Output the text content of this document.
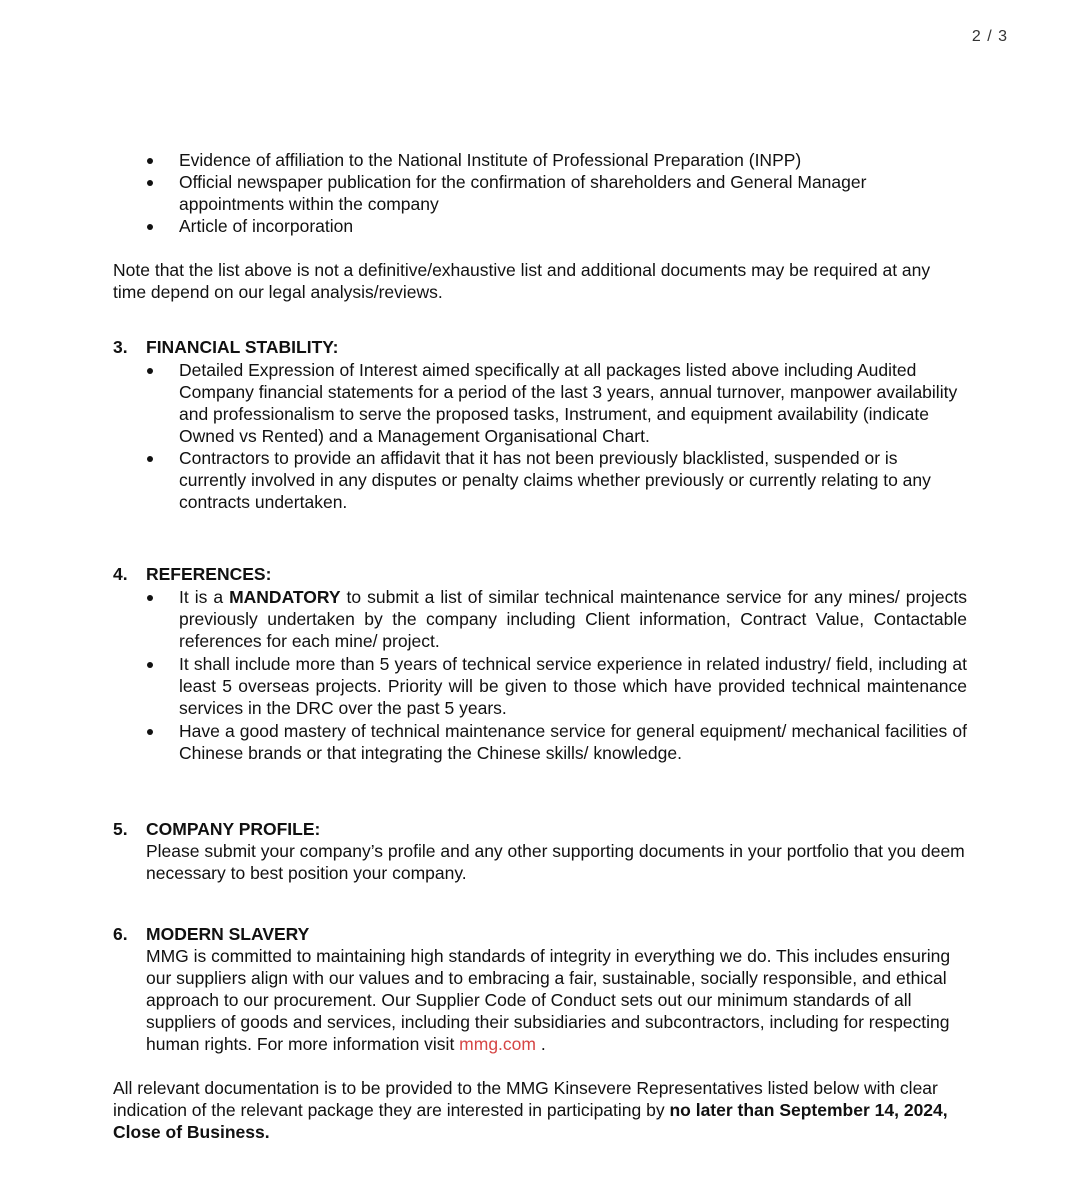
2 / 3
Evidence of affiliation to the National Institute of Professional Preparation (INPP)
Official newspaper publication for the confirmation of shareholders and General Manager appointments within the company
Article of incorporation

Note that the list above is not a definitive/exhaustive list and additional documents may be required at any time depend on our legal analysis/reviews.

3. FINANCIAL STABILITY:
Detailed Expression of Interest aimed specifically at all packages listed above including Audited Company financial statements for a period of the last 3 years, annual turnover, manpower availability and professionalism to serve the proposed tasks, Instrument, and equipment availability (indicate Owned vs Rented) and a Management Organisational Chart.
Contractors to provide an affidavit that it has not been previously blacklisted, suspended or is currently involved in any disputes or penalty claims whether previously or currently relating to any contracts undertaken.
4. REFERENCES:
It is a MANDATORY to submit a list of similar technical maintenance service for any mines/ projects previously undertaken by the company including Client information, Contract Value, Contactable references for each mine/ project.
It shall include more than 5 years of technical service experience in related industry/ field, including at least 5 overseas projects. Priority will be given to those which have provided technical maintenance services in the DRC over the past 5 years.
Have a good mastery of technical maintenance service for general equipment/ mechanical facilities of Chinese brands or that integrating the Chinese skills/ knowledge.
5. COMPANY PROFILE:

Please submit your company’s profile and any other supporting documents in your portfolio that you deem necessary to best position your company.

6. MODERN SLAVERY

MMG is committed to maintaining high standards of integrity in everything we do. This includes ensuring our suppliers align with our values and to embracing a fair, sustainable, socially responsible, and ethical approach to our procurement. Our Supplier Code of Conduct sets out our minimum standards of all suppliers of goods and services, including their subsidiaries and subcontractors, including for respecting human rights. For more information visit mmg.com .

All relevant documentation is to be provided to the MMG Kinsevere Representatives listed below with clear indication of the relevant package they are interested in participating by no later than September 14, 2024, Close of Business.
